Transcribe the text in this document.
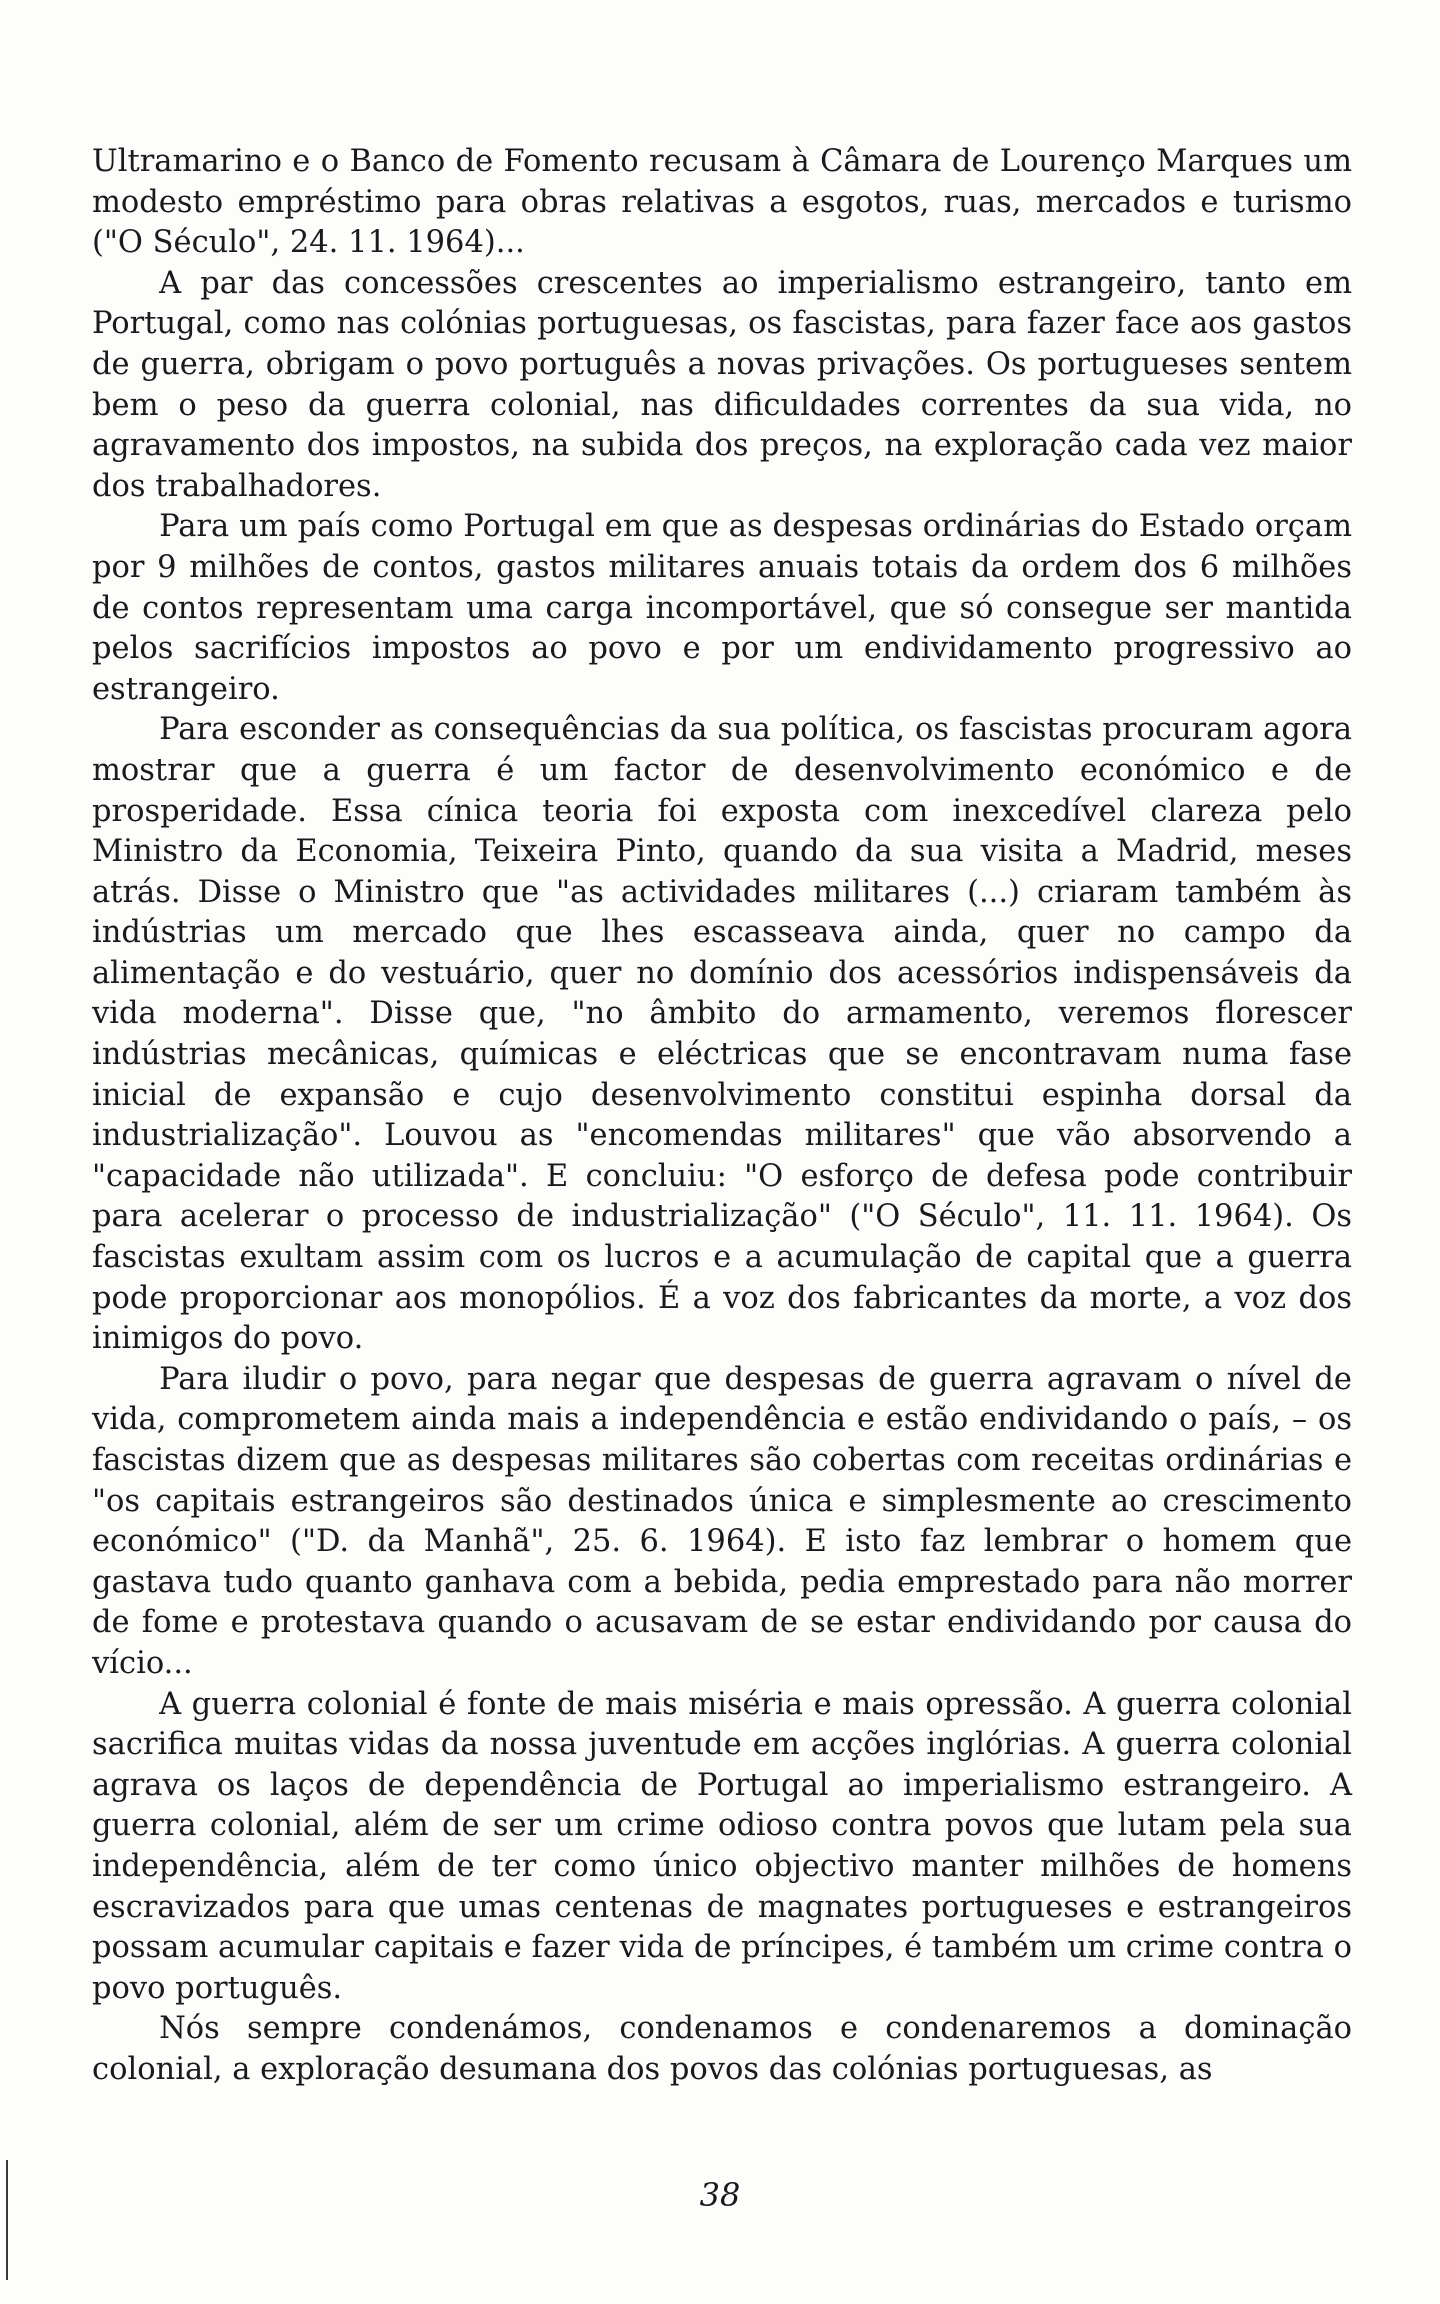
Ultramarino e o Banco de Fomento recusam à Câmara de Lourenço Marques um modesto empréstimo para obras relativas a esgotos, ruas, mercados e turismo ("O Século", 24. 11. 1964)...

A par das concessões crescentes ao imperialismo estrangeiro, tanto em Portugal, como nas colónias portuguesas, os fascistas, para fazer face aos gastos de guerra, obrigam o povo português a novas privações. Os portugueses sentem bem o peso da guerra colonial, nas dificuldades correntes da sua vida, no agravamento dos impostos, na subida dos preços, na exploração cada vez maior dos trabalhadores.

Para um país como Portugal em que as despesas ordinárias do Estado orçam por 9 milhões de contos, gastos militares anuais totais da ordem dos 6 milhões de contos representam uma carga incomportável, que só consegue ser mantida pelos sacrifícios impostos ao povo e por um endividamento progressivo ao estrangeiro.

Para esconder as consequências da sua política, os fascistas procuram agora mostrar que a guerra é um factor de desenvolvimento económico e de prosperidade. Essa cínica teoria foi exposta com inexcedível clareza pelo Ministro da Economia, Teixeira Pinto, quando da sua visita a Madrid, meses atrás. Disse o Ministro que "as actividades militares (...) criaram também às indústrias um mercado que lhes escasseava ainda, quer no campo da alimentação e do vestuário, quer no domínio dos acessórios indispensáveis da vida moderna". Disse que, "no âmbito do armamento, veremos florescer indústrias mecânicas, químicas e eléctricas que se encontravam numa fase inicial de expansão e cujo desenvolvimento constitui espinha dorsal da industrialização". Louvou as "encomendas militares" que vão absorvendo a "capacidade não utilizada". E concluiu: "O esforço de defesa pode contribuir para acelerar o processo de industrialização" ("O Século", 11. 11. 1964). Os fascistas exultam assim com os lucros e a acumulação de capital que a guerra pode proporcionar aos monopólios. É a voz dos fabricantes da morte, a voz dos inimigos do povo.

Para iludir o povo, para negar que despesas de guerra agravam o nível de vida, comprometem ainda mais a independência e estão endividando o país, – os fascistas dizem que as despesas militares são cobertas com receitas ordinárias e "os capitais estrangeiros são destinados única e simplesmente ao crescimento económico" ("D. da Manhã", 25. 6. 1964). E isto faz lembrar o homem que gastava tudo quanto ganhava com a bebida, pedia emprestado para não morrer de fome e protestava quando o acusavam de se estar endividando por causa do vício...

A guerra colonial é fonte de mais miséria e mais opressão. A guerra colonial sacrifica muitas vidas da nossa juventude em acções inglórias. A guerra colonial agrava os laços de dependência de Portugal ao imperialismo estrangeiro. A guerra colonial, além de ser um crime odioso contra povos que lutam pela sua independência, além de ter como único objectivo manter milhões de homens escravizados para que umas centenas de magnates portugueses e estrangeiros possam acumular capitais e fazer vida de príncipes, é também um crime contra o povo português.

Nós sempre condenámos, condenamos e condenaremos a dominação colonial, a exploração desumana dos povos das colónias portuguesas, as

38
